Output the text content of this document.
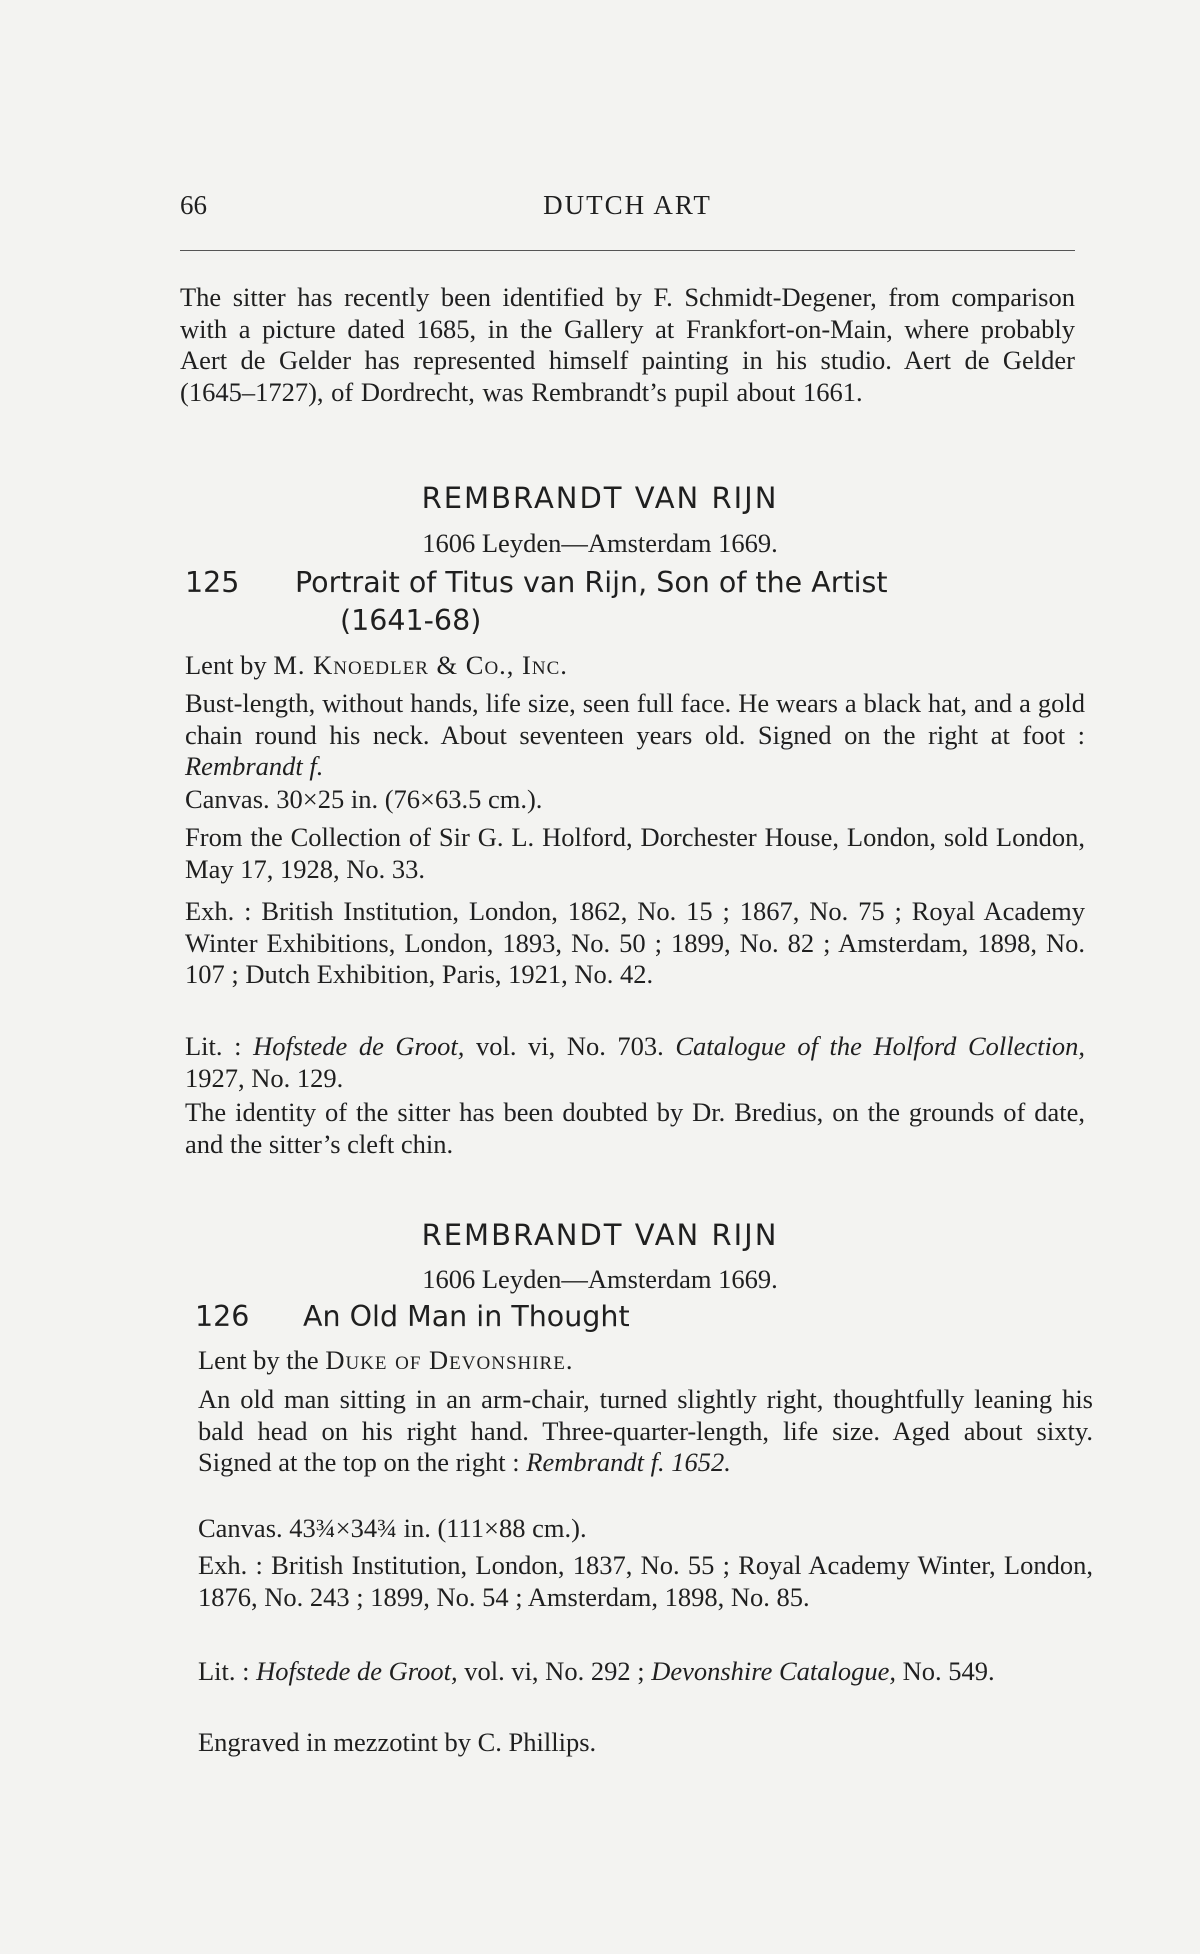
66	DUTCH ART

The sitter has recently been identified by F. Schmidt-Degener, from comparison with a picture dated 1685, in the Gallery at Frankfort-on-Main, where probably Aert de Gelder has represented himself painting in his studio. Aert de Gelder (1645–1727), of Dordrecht, was Rembrandt’s pupil about 1661.

REMBRANDT VAN RIJN
1606 Leyden—Amsterdam 1669.
125 Portrait of Titus van Rijn, Son of the Artist
(1641-68)

Lent by M. Knoedler & Co., Inc.

Bust-length, without hands, life size, seen full face. He wears a black hat, and a gold chain round his neck. About seventeen years old. Signed on the right at foot : Rembrandt f.

Canvas. 30×25 in. (76×63.5 cm.).

From the Collection of Sir G. L. Holford, Dorchester House, London, sold London, May 17, 1928, No. 33.

Exh. : British Institution, London, 1862, No. 15 ; 1867, No. 75 ; Royal Academy Winter Exhibitions, London, 1893, No. 50 ; 1899, No. 82 ; Amsterdam, 1898, No. 107 ; Dutch Exhibition, Paris, 1921, No. 42.

Lit. : Hofstede de Groot, vol. vi, No. 703. Catalogue of the Holford Collection, 1927, No. 129.

The identity of the sitter has been doubted by Dr. Bredius, on the grounds of date, and the sitter’s cleft chin.

REMBRANDT VAN RIJN
1606 Leyden—Amsterdam 1669.
126 An Old Man in Thought

Lent by the Duke of Devonshire.

An old man sitting in an arm-chair, turned slightly right, thoughtfully leaning his bald head on his right hand. Three-quarter-length, life size. Aged about sixty. Signed at the top on the right : Rembrandt f. 1652.

Canvas. 43¾×34¾ in. (111×88 cm.).

Exh. : British Institution, London, 1837, No. 55 ; Royal Academy Winter, London, 1876, No. 243 ; 1899, No. 54 ; Amsterdam, 1898, No. 85.

Lit. : Hofstede de Groot, vol. vi, No. 292 ; Devonshire Catalogue, No. 549.

Engraved in mezzotint by C. Phillips.
